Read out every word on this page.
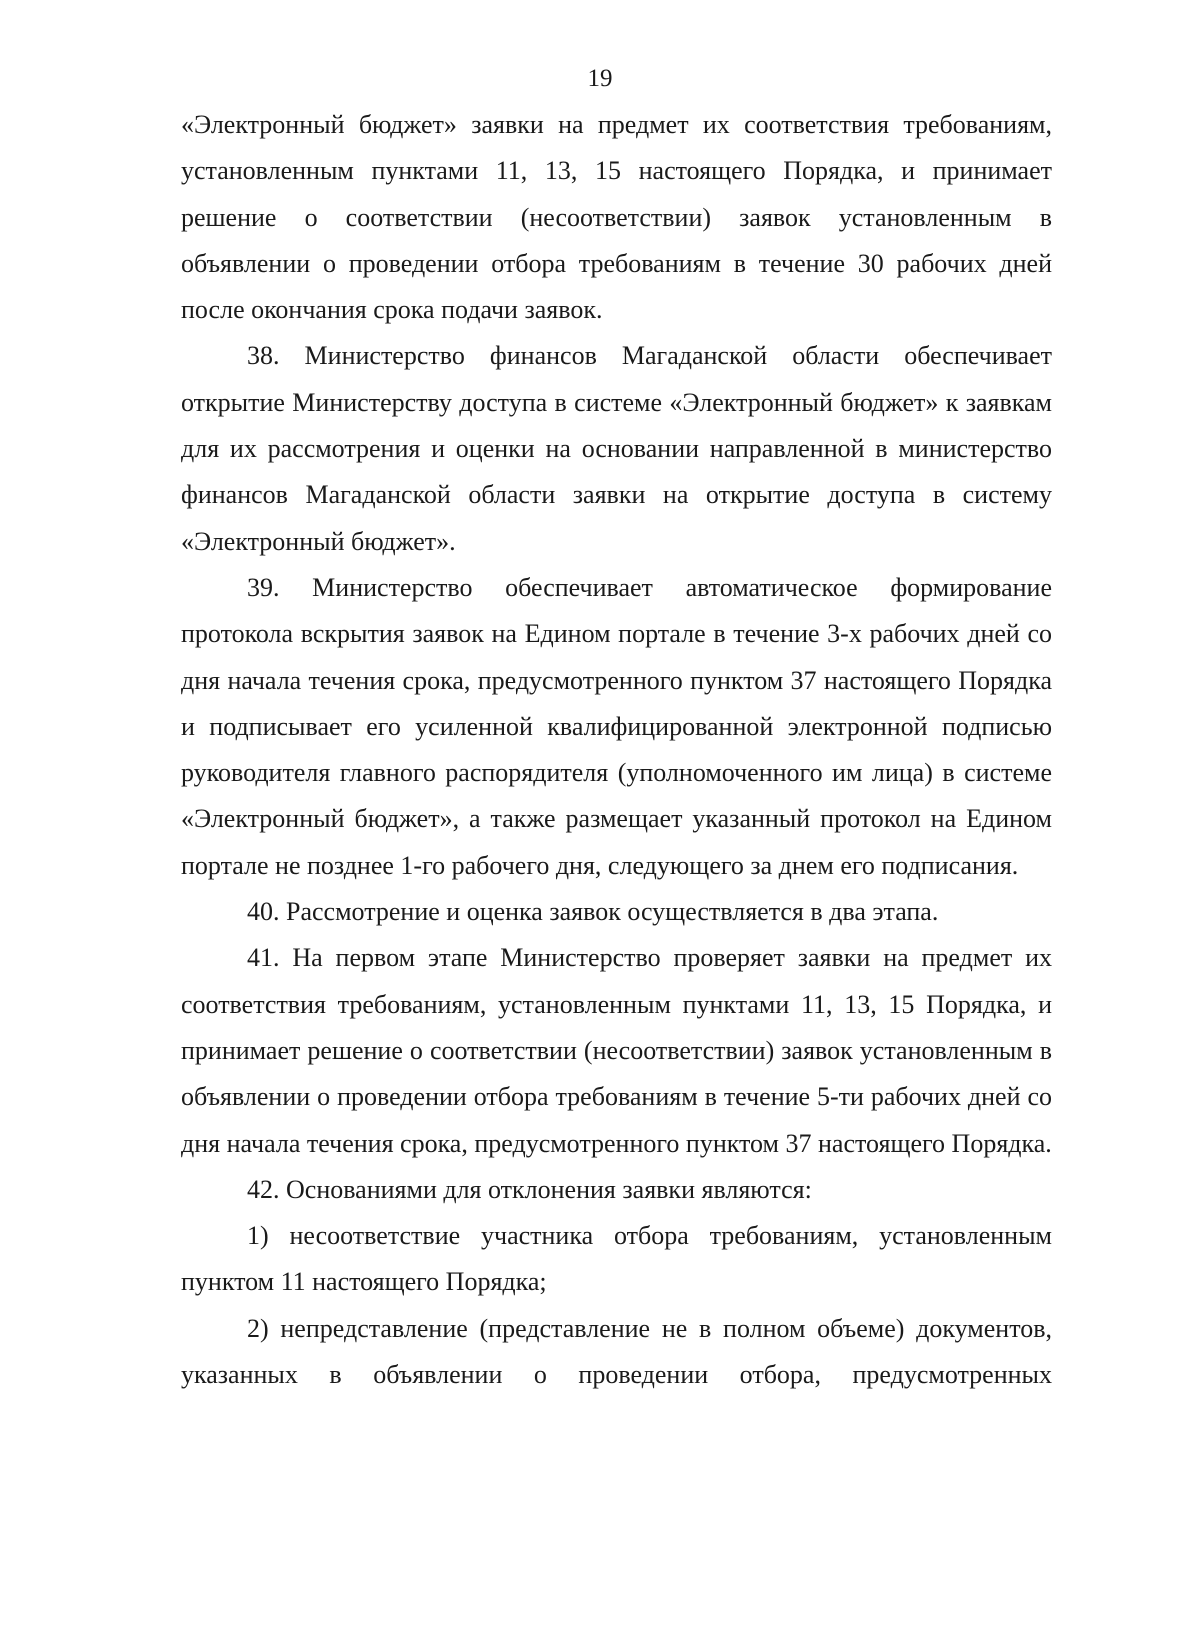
19

«Электронный бюджет» заявки на предмет их соответствия требованиям, установленным пунктами 11, 13, 15 настоящего Порядка, и принимает решение о соответствии (несоответствии) заявок установленным в объявлении о проведении отбора требованиям в течение 30 рабочих дней после окончания срока подачи заявок.

38. Министерство финансов Магаданской области обеспечивает открытие Министерству доступа в системе «Электронный бюджет» к заявкам для их рассмотрения и оценки на основании направленной в министерство финансов Магаданской области заявки на открытие доступа в систему «Электронный бюджет».

39. Министерство обеспечивает автоматическое формирование протокола вскрытия заявок на Едином портале в течение 3-х рабочих дней со дня начала течения срока, предусмотренного пунктом 37 настоящего Порядка и подписывает его усиленной квалифицированной электронной подписью руководителя главного распорядителя (уполномоченного им лица) в системе «Электронный бюджет», а также размещает указанный протокол на Едином портале не позднее 1-го рабочего дня, следующего за днем его подписания.

40. Рассмотрение и оценка заявок осуществляется в два этапа.

41. На первом этапе Министерство проверяет заявки на предмет их соответствия требованиям, установленным пунктами 11, 13, 15 Порядка, и принимает решение о соответствии (несоответствии) заявок установленным в объявлении о проведении отбора требованиям в течение 5-ти рабочих дней со дня начала течения срока, предусмотренного пунктом 37 настоящего Порядка.

42. Основаниями для отклонения заявки являются:

1) несоответствие участника отбора требованиям, установленным пунктом 11 настоящего Порядка;

2) непредставление (представление не в полном объеме) документов, указанных в объявлении о проведении отбора, предусмотренных
